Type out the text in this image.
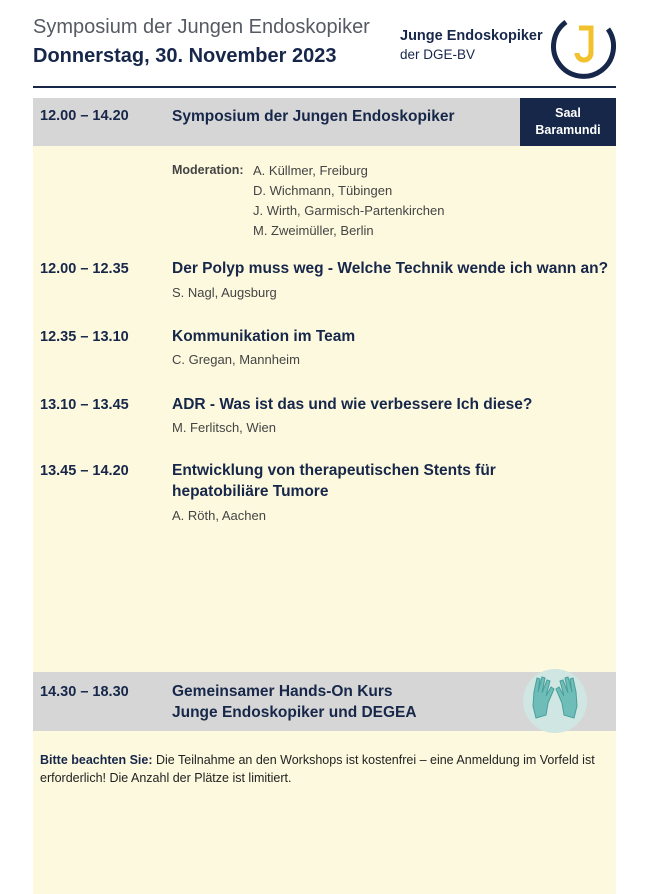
Symposium der Jungen Endoskopiker
Donnerstag, 30. November 2023
Junge Endoskopiker
der DGE-BV
12.00 – 14.20	Symposium der Jungen Endoskopiker	Saal
Baramundi
Moderation: A. Küllmer, Freiburg
D. Wichmann, Tübingen
J. Wirth, Garmisch-Partenkirchen
M. Zweimüller, Berlin
12.00 – 12.35	Der Polyp muss weg - Welche Technik wende ich wann an?
S. Nagl, Augsburg
12.35 – 13.10	Kommunikation im Team
C. Gregan, Mannheim
13.10 – 13.45	ADR - Was ist das und wie verbessere Ich diese?
M. Ferlitsch, Wien
13.45 – 14.20	Entwicklung von therapeutischen Stents für
hepatobiliäre Tumore
A. Röth, Aachen
14.30 – 18.30	Gemeinsamer Hands-On Kurs
Junge Endoskopiker und DEGEA
Bitte beachten Sie: Die Teilnahme an den Workshops ist kostenfrei – eine Anmeldung im Vorfeld ist erforderlich! Die Anzahl der Plätze ist limitiert.
